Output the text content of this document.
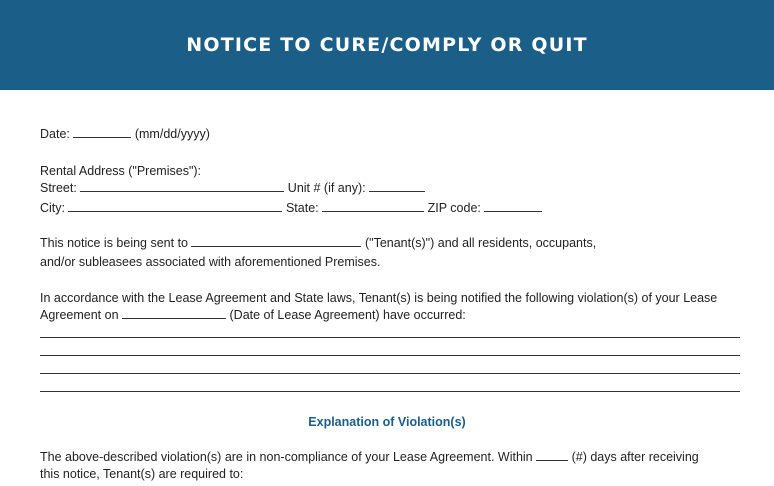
NOTICE TO CURE/COMPLY OR QUIT
Date:	(mm/dd/yyyy)
Rental Address ("Premises"):
Street:	Unit # (if any):
City:	State:	ZIP code:
This notice is being sent to	("Tenant(s)") and all residents, occupants,
and/or subleasees associated with aforementioned Premises.
In accordance with the Lease Agreement and State laws, Tenant(s) is being notified the following violation(s) of your Lease
Agreement on	(Date of Lease Agreement) have occurred:
Explanation of Violation(s)
The above-described violation(s) are in non-compliance of your Lease Agreement. Within	(#) days after receiving
this notice, Tenant(s) are required to:
